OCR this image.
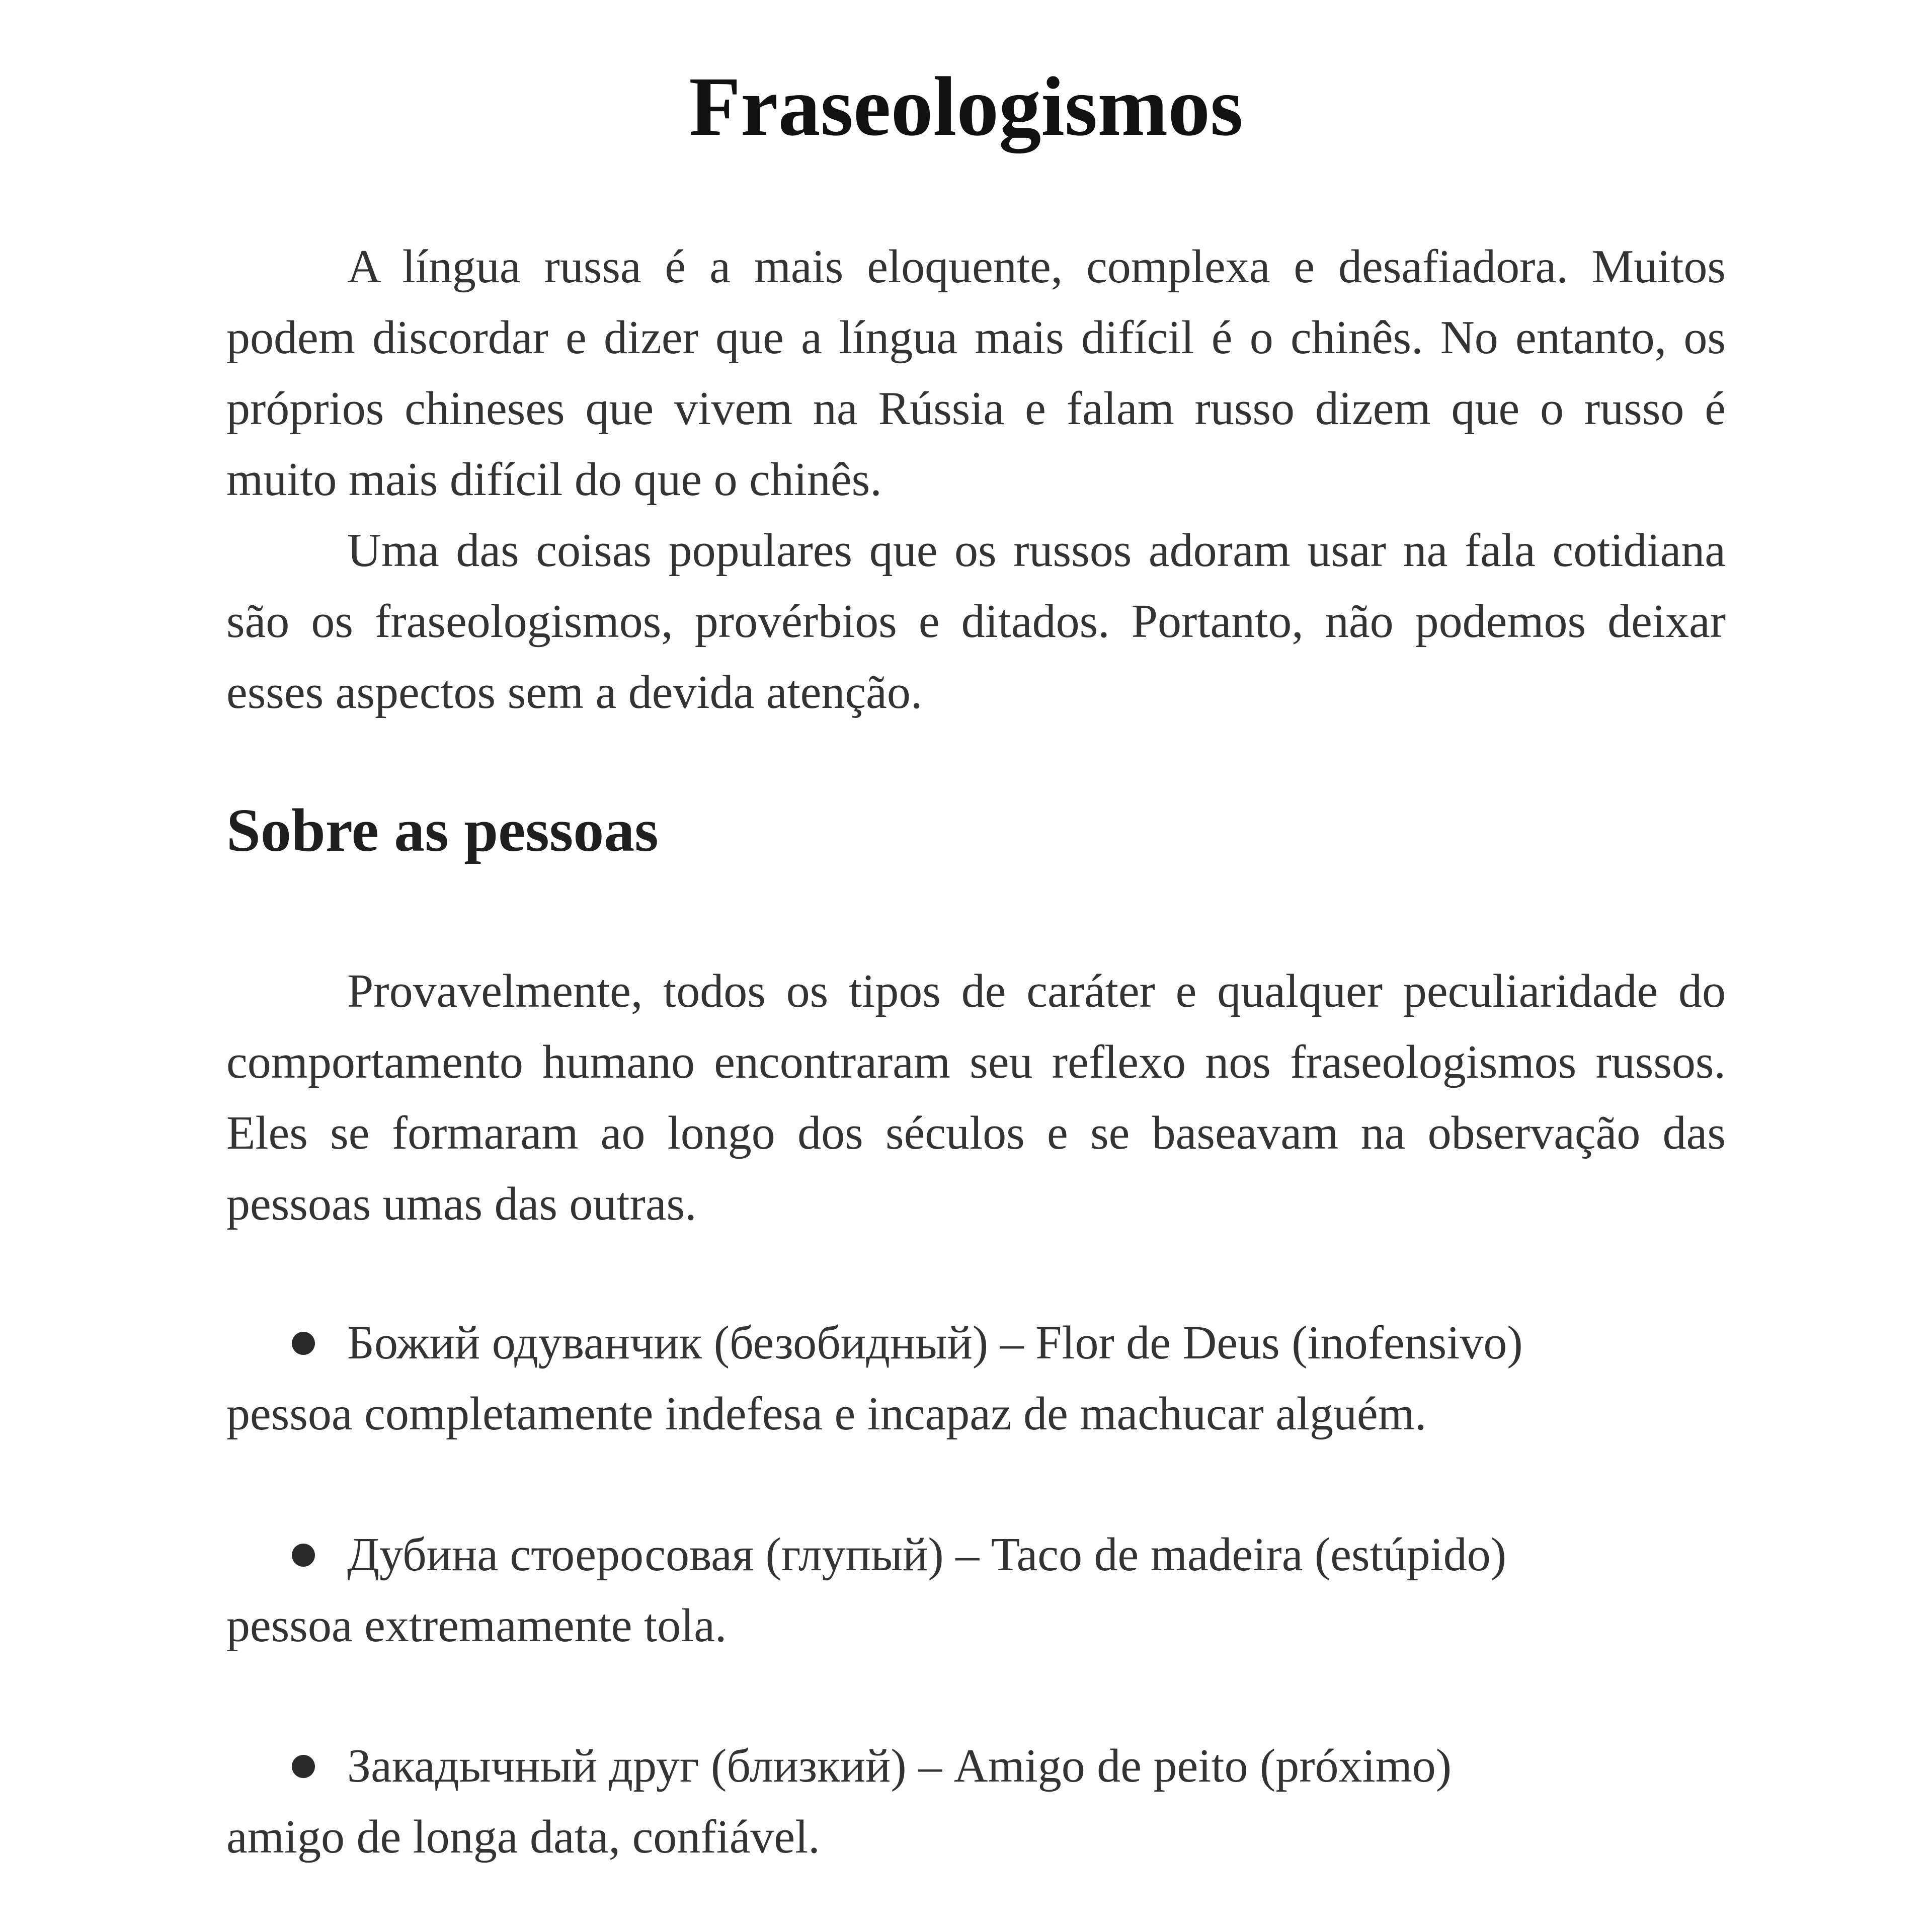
Fraseologismos

A língua russa é a mais eloquente, complexa e desafiadora. Muitos podem discordar e dizer que a língua mais difícil é o chinês. No entanto, os próprios chineses que vivem na Rússia e falam russo dizem que o russo é muito mais difícil do que o chinês.

Uma das coisas populares que os russos adoram usar na fala cotidiana são os fraseologismos, provérbios e ditados. Portanto, não podemos deixar esses aspectos sem a devida atenção.

Sobre as pessoas

Provavelmente, todos os tipos de caráter e qualquer peculiaridade do comportamento humano encontraram seu reflexo nos fraseologismos russos. Eles se formaram ao longo dos séculos e se baseavam na observação das pessoas umas das outras.

Божий одуванчик (безобидный) – Flor de Deus (inofensivo)
pessoa completamente indefesa e incapaz de machucar alguém.
Дубина стоеросовая (глупый) – Taco de madeira (estúpido)
pessoa extremamente tola.
Закадычный друг (близкий) – Amigo de peito (próximo)
amigo de longa data, confiável.
